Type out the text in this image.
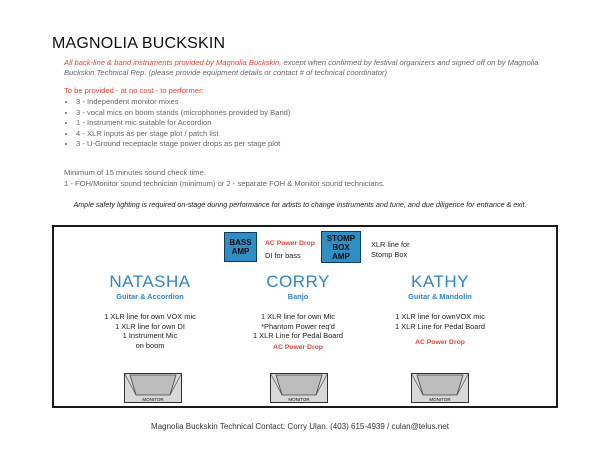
MAGNOLIA BUCKSKIN
All back-line & band instruments provided by Magnolia Buckskin, except when confirmed by festival organizers and signed off on by Magnolia Buckskin Technical Rep. (please provide equipment details or contact # of technical coordinator)
To be provided - at no cost - to performer:
• 3 - Independent monitor mixes
• 3 - vocal mics on boom stands (microphones provided by Band)
• 1 - Instrument mic suitable for Accordion
• 4 - XLR inputs as per stage plot / patch list
• 3 - U-Ground receptacle stage power drops as per stage plot
Minimum of 15 minutes sound check time.
1 - FOH/Monitor sound technician (minimum) or 2 - separate FOH & Monitor sound technicians.
Ample safety lighting is required on-stage during performance for artists to change instruments and tune, and due diligence for entrance & exit.
BASS AMP
AC Power Drop
DI for bass
STOMP BOX AMP
XLR line for Stomp Box
NATASHA
Guitar & Accordion
1 XLR line for own VOX mic
1 XLR line for own DI
1 Instrument Mic
on boom
CORRY
Banjo
1 XLR line for own Mic
*Phantom Power req'd
1 XLR Line for Pedal Board
AC Power Drop
KATHY
Guitar & Mandolin
1 XLR line for ownVOX mic
1 XLR Line for Pedal Board
AC Power Drop
MONITOR	MONITOR	MONITOR
Magnolia Buckskin Technical Contact: Corry Ulan. (403) 615-4939 / culan@telus.net
